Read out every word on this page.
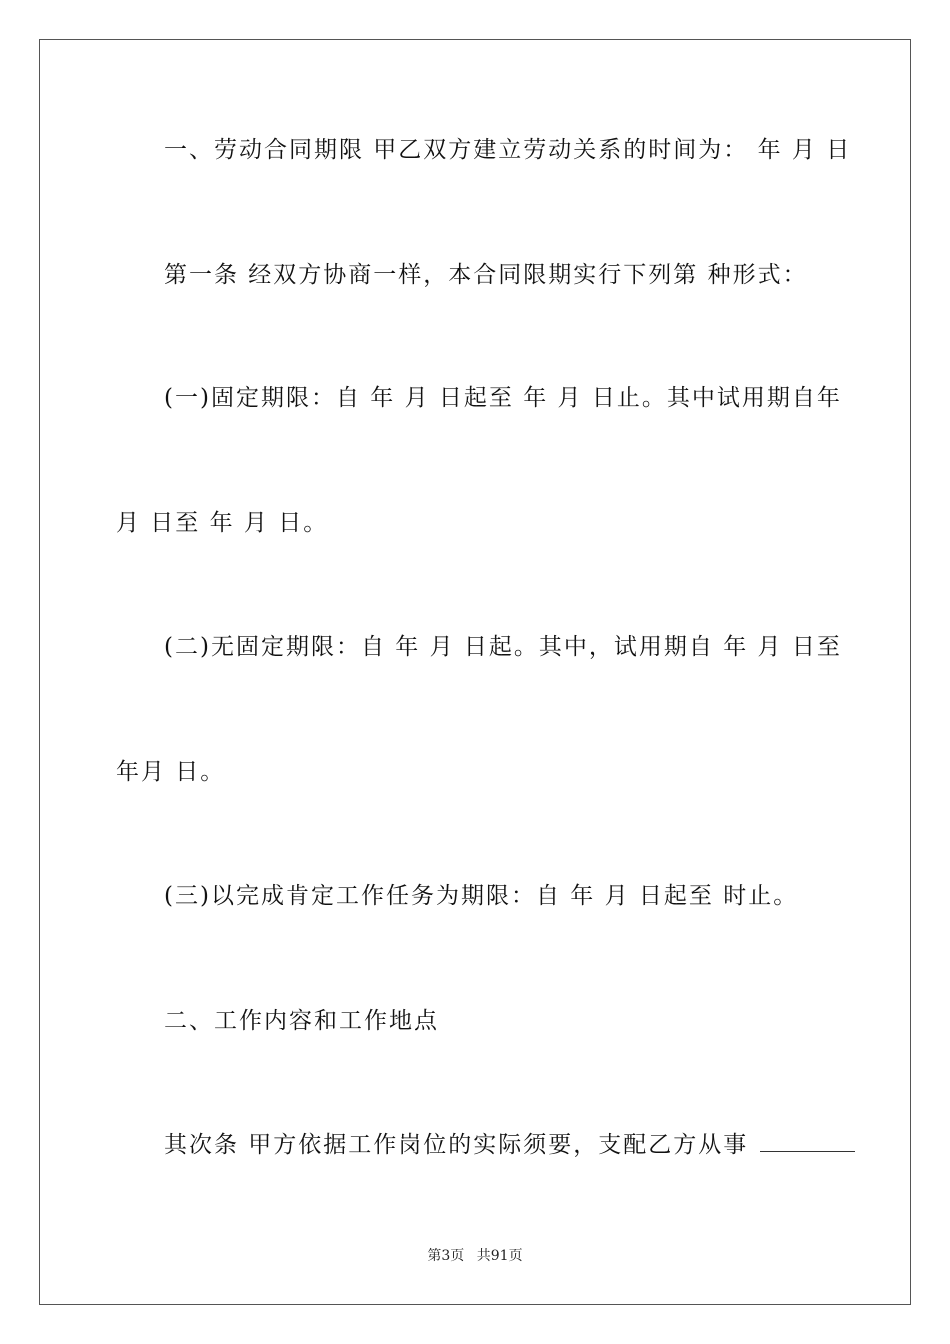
一、劳动合同期限 甲乙双方建立劳动关系的时间为： 年 月 日
第一条 经双方协商一样，本合同限期实行下列第 种形式：
(一)固定期限：自 年 月 日起至 年 月 日止。其中试用期自年
月 日至 年 月 日。
(二)无固定期限：自 年 月 日起。其中，试用期自 年 月 日至
年月 日。
(三)以完成肯定工作任务为期限：自 年 月 日起至 时止。
二、工作内容和工作地点
其次条 甲方依据工作岗位的实际须要，支配乙方从事
第3页 共91页
